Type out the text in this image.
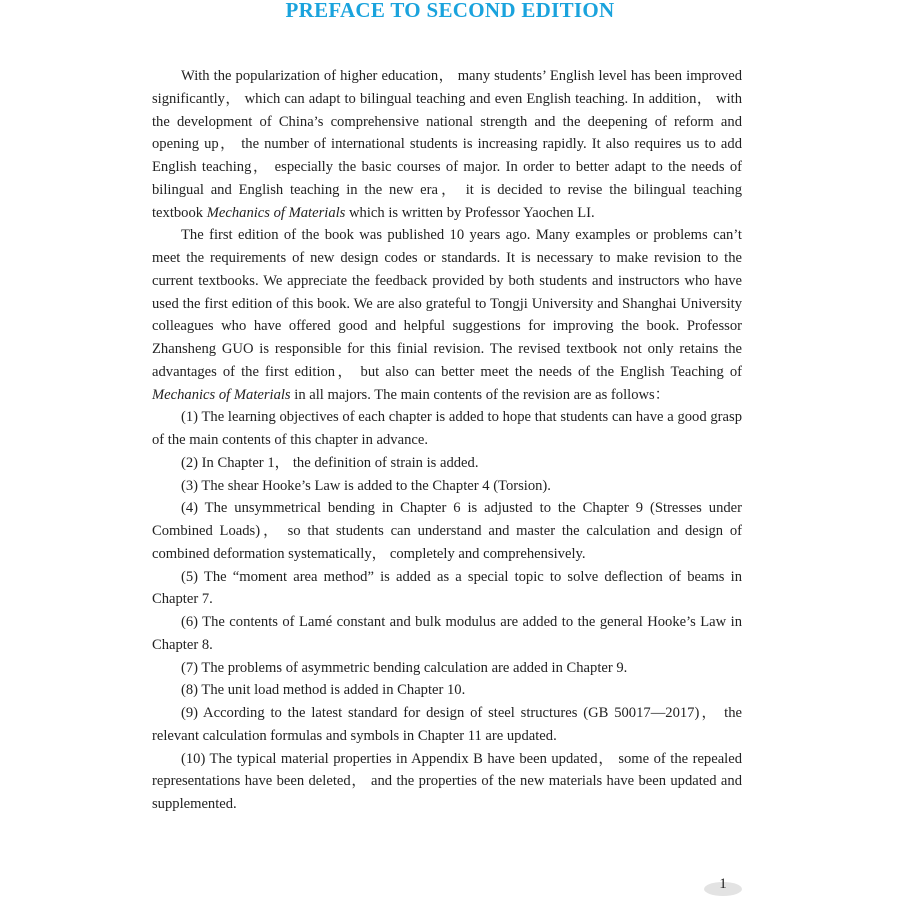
PREFACE TO SECOND EDITION

With the popularization of higher education， many students’ English level has been improved significantly， which can adapt to bilingual teaching and even English teaching. In addition， with the development of China’s comprehensive national strength and the deepening of reform and opening up， the number of international students is increasing rapidly. It also requires us to add English teaching， especially the basic courses of major. In order to better adapt to the needs of bilingual and English teaching in the new era， it is decided to revise the bilingual teaching textbook Mechanics of Materials which is written by Professor Yaochen LI.

The first edition of the book was published 10 years ago. Many examples or problems can’t meet the requirements of new design codes or standards. It is necessary to make revision to the current textbooks. We appreciate the feedback provided by both students and instructors who have used the first edition of this book. We are also grateful to Tongji University and Shanghai University colleagues who have offered good and helpful suggestions for improving the book. Professor Zhansheng GUO is responsible for this finial revision. The revised textbook not only retains the advantages of the first edition， but also can better meet the needs of the English Teaching of Mechanics of Materials in all majors. The main contents of the revision are as follows：

(1) The learning objectives of each chapter is added to hope that students can have a good grasp of the main contents of this chapter in advance.

(2) In Chapter 1， the definition of strain is added.

(3) The shear Hooke’s Law is added to the Chapter 4 (Torsion).

(4) The unsymmetrical bending in Chapter 6 is adjusted to the Chapter 9 (Stresses under Combined Loads)， so that students can understand and master the calculation and design of combined deformation systematically， completely and comprehensively.

(5) The “moment area method” is added as a special topic to solve deflection of beams in Chapter 7.

(6) The contents of Lamé constant and bulk modulus are added to the general Hooke’s Law in Chapter 8.

(7) The problems of asymmetric bending calculation are added in Chapter 9.

(8) The unit load method is added in Chapter 10.

(9) According to the latest standard for design of steel structures (GB 50017—2017)， the relevant calculation formulas and symbols in Chapter 11 are updated.

(10) The typical material properties in Appendix B have been updated， some of the repealed representations have been deleted， and the properties of the new materials have been updated and supplemented.

1
